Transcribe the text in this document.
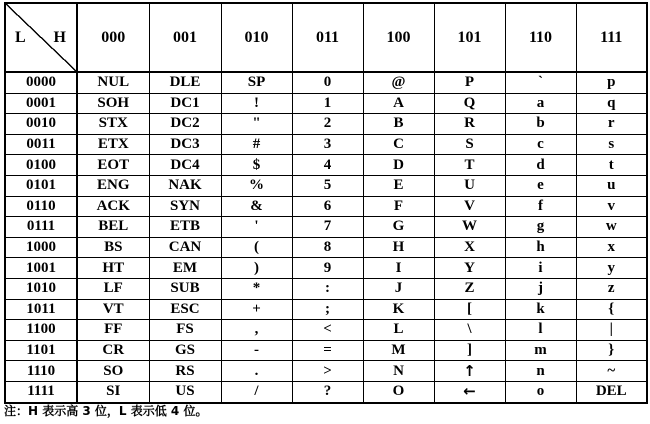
L H	000	001	010	011	100	101	110	111
0000	NUL	DLE	SP	0	@	P	`	p
0001	SOH	DC1	!	1	A	Q	a	q
0010	STX	DC2	"	2	B	R	b	r
0011	ETX	DC3	#	3	C	S	c	s
0100	EOT	DC4	$	4	D	T	d	t
0101	ENG	NAK	%	5	E	U	e	u
0110	ACK	SYN	&	6	F	V	f	v
0111	BEL	ETB	'	7	G	W	g	w
1000	BS	CAN	(	8	H	X	h	x
1001	HT	EM	)	9	I	Y	i	y
1010	LF	SUB	*	:	J	Z	j	z
1011	VT	ESC	+	;	K	[	k	{
1100	FF	FS	,	<	L	\	l	|
1101	CR	GS	-	=	M	]	m	}
1110	SO	RS	.	>	N	↑	n	~
1111	SI	US	/	?	O	←	o	DEL
注：H 表示高 3 位，L 表示低 4 位。
